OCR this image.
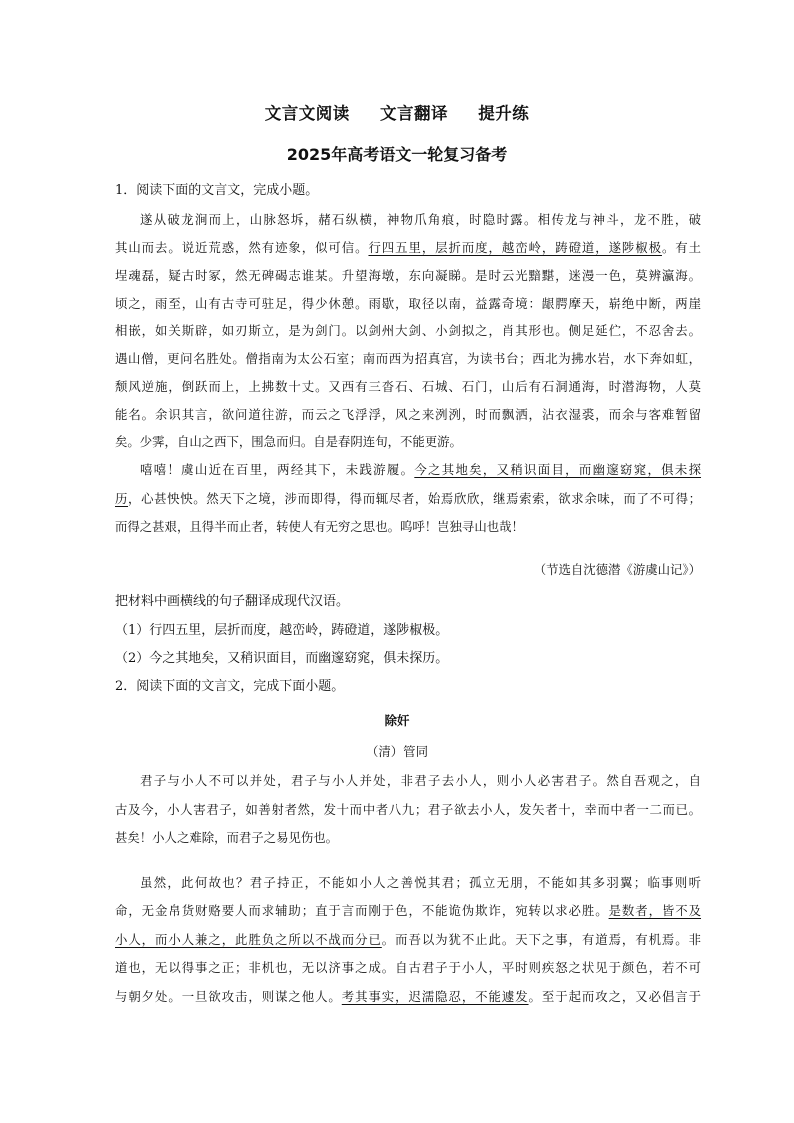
文言文阅读 文言翻译 提升练
2025年高考语文一轮复习备考
1．阅读下面的文言文，完成小题。
遂从破龙涧而上，山脉怒坼，赭石纵横，神物爪角痕，时隐时露。相传龙与神斗，龙不胜，破
其山而去。说近荒惑，然有迹象，似可信。行四五里，层折而度，越峦岭，踌磴道，遂陟椒极。有土
埕魂磊，疑古时冢，然无碑碣志谁某。升望海墩，东向凝睇。是时云光黯黮，迷漫一色，莫辨瀛海。
顷之，雨至，山有古寺可驻足，得少休憩。雨歇，取径以南，益露奇境：龈腭摩天，崭绝中断，两崖
相嵌，如关斯辟，如刃斯立，是为剑门。以剑州大剑、小剑拟之，肖其形也。侧足延伫，不忍舍去。
遇山僧，更问名胜处。僧指南为太公石室；南而西为招真宫，为读书台；西北为拂水岩，水下奔如虹，
颓风逆施，倒跃而上，上拂数十丈。又西有三沓石、石城、石门，山后有石洞通海，时潜海物，人莫
能名。余识其言，欲问道往游，而云之飞浮浮，风之来洌洌，时而飘洒，沾衣湿裘，而余与客难暂留
矣。少霁，自山之西下，围急而归。自是春阴连旬，不能更游。
嘻嘻！虞山近在百里，两经其下，未践游履。今之其地矣，又稍识面目，而幽邃窈窕，俱未探
历，心甚怏怏。然天下之境，涉而即得，得而辄尽者，始焉欣欣，继焉索索，欲求余味，而了不可得；
而得之甚艰，且得半而止者，转使人有无穷之思也。呜呼！岂独寻山也哉！
（节选自沈德潜《游虞山记》）
把材料中画横线的句子翻译成现代汉语。
（1）行四五里，层折而度，越峦岭，踌磴道，遂陟椒极。
（2）今之其地矣，又稍识面目，而幽邃窈窕，俱未探历。
2．阅读下面的文言文，完成下面小题。
除奸
（清）管同
君子与小人不可以并处，君子与小人并处，非君子去小人，则小人必害君子。然自吾观之，自
古及今，小人害君子，如善射者然，发十而中者八九；君子欲去小人，发矢者十，幸而中者一二而已。
甚矣！小人之难除，而君子之易见伤也。
虽然，此何故也？君子持正，不能如小人之善悦其君；孤立无朋，不能如其多羽翼；临事则听
命，无金帛货财赂要人而求辅助；直于言而刚于色，不能诡伪欺诈，宛转以求必胜。是数者，皆不及
小人，而小人兼之，此胜负之所以不战而分已。而吾以为犹不止此。天下之事，有道焉，有机焉。非
道也，无以得事之正；非机也，无以济事之成。自古君子于小人，平时则疾怒之状见于颜色，若不可
与朝夕处。一旦欲攻击，则谋之他人。考其事实，迟濡隐忍，不能遽发。至于起而攻之，又必倡言于
